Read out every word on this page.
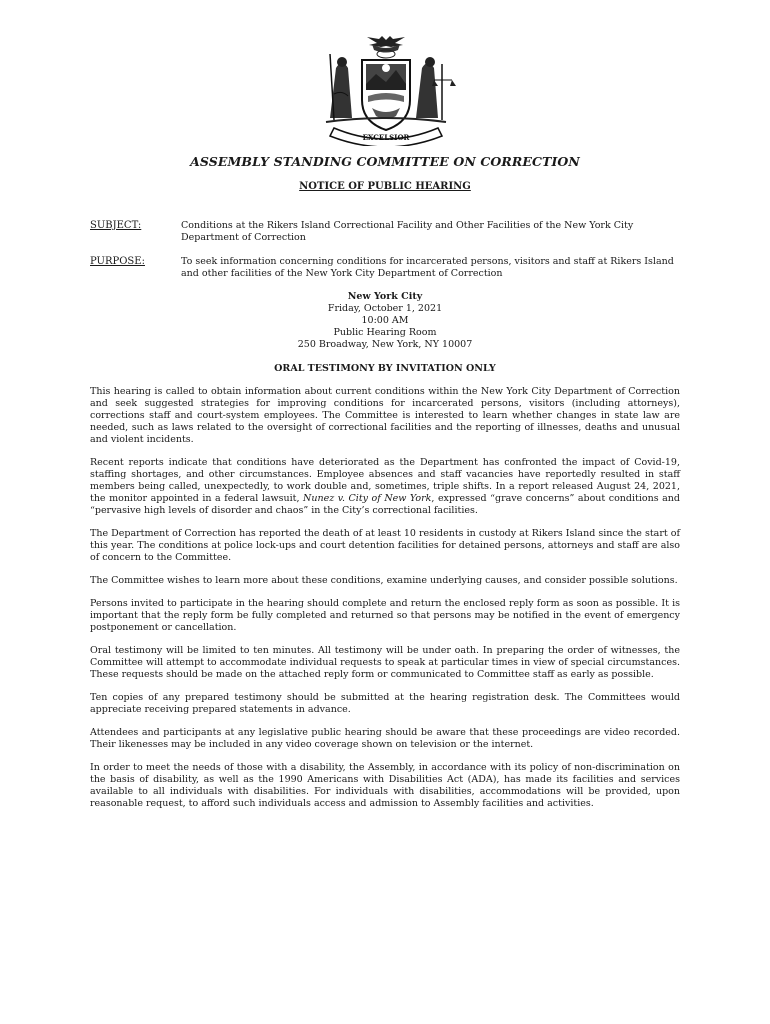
EXCELSIOR
ASSEMBLY STANDING COMMITTEE ON CORRECTION
NOTICE OF PUBLIC HEARING
SUBJECT:	Conditions at the Rikers Island Correctional Facility and Other Facilities of the New York City Department of Correction
PURPOSE:	To seek information concerning conditions for incarcerated persons, visitors and staff at Rikers Island and other facilities of the New York City Department of Correction
New York City
Friday, October 1, 2021
10:00 AM
Public Hearing Room
250 Broadway, New York, NY 10007
ORAL TESTIMONY BY INVITATION ONLY

This hearing is called to obtain information about current conditions within the New York City Department of Correction and seek suggested strategies for improving conditions for incarcerated persons, visitors (including attorneys), corrections staff and court-system employees. The Committee is interested to learn whether changes in state law are needed, such as laws related to the oversight of correctional facilities and the reporting of illnesses, deaths and unusual and violent incidents.

Recent reports indicate that conditions have deteriorated as the Department has confronted the impact of Covid-19, staffing shortages, and other circumstances. Employee absences and staff vacancies have reportedly resulted in staff members being called, unexpectedly, to work double and, sometimes, triple shifts. In a report released August 24, 2021, the monitor appointed in a federal lawsuit, Nunez v. City of New York, expressed “grave concerns” about conditions and “pervasive high levels of disorder and chaos” in the City’s correctional facilities.

The Department of Correction has reported the death of at least 10 residents in custody at Rikers Island since the start of this year. The conditions at police lock-ups and court detention facilities for detained persons, attorneys and staff are also of concern to the Committee.

The Committee wishes to learn more about these conditions, examine underlying causes, and consider possible solutions.

Persons invited to participate in the hearing should complete and return the enclosed reply form as soon as possible. It is important that the reply form be fully completed and returned so that persons may be notified in the event of emergency postponement or cancellation.

Oral testimony will be limited to ten minutes. All testimony will be under oath. In preparing the order of witnesses, the Committee will attempt to accommodate individual requests to speak at particular times in view of special circumstances. These requests should be made on the attached reply form or communicated to Committee staff as early as possible.

Ten copies of any prepared testimony should be submitted at the hearing registration desk. The Committees would appreciate receiving prepared statements in advance.

Attendees and participants at any legislative public hearing should be aware that these proceedings are video recorded. Their likenesses may be included in any video coverage shown on television or the internet.

In order to meet the needs of those with a disability, the Assembly, in accordance with its policy of non-discrimination on the basis of disability, as well as the 1990 Americans with Disabilities Act (ADA), has made its facilities and services available to all individuals with disabilities. For individuals with disabilities, accommodations will be provided, upon reasonable request, to afford such individuals access and admission to Assembly facilities and activities.
